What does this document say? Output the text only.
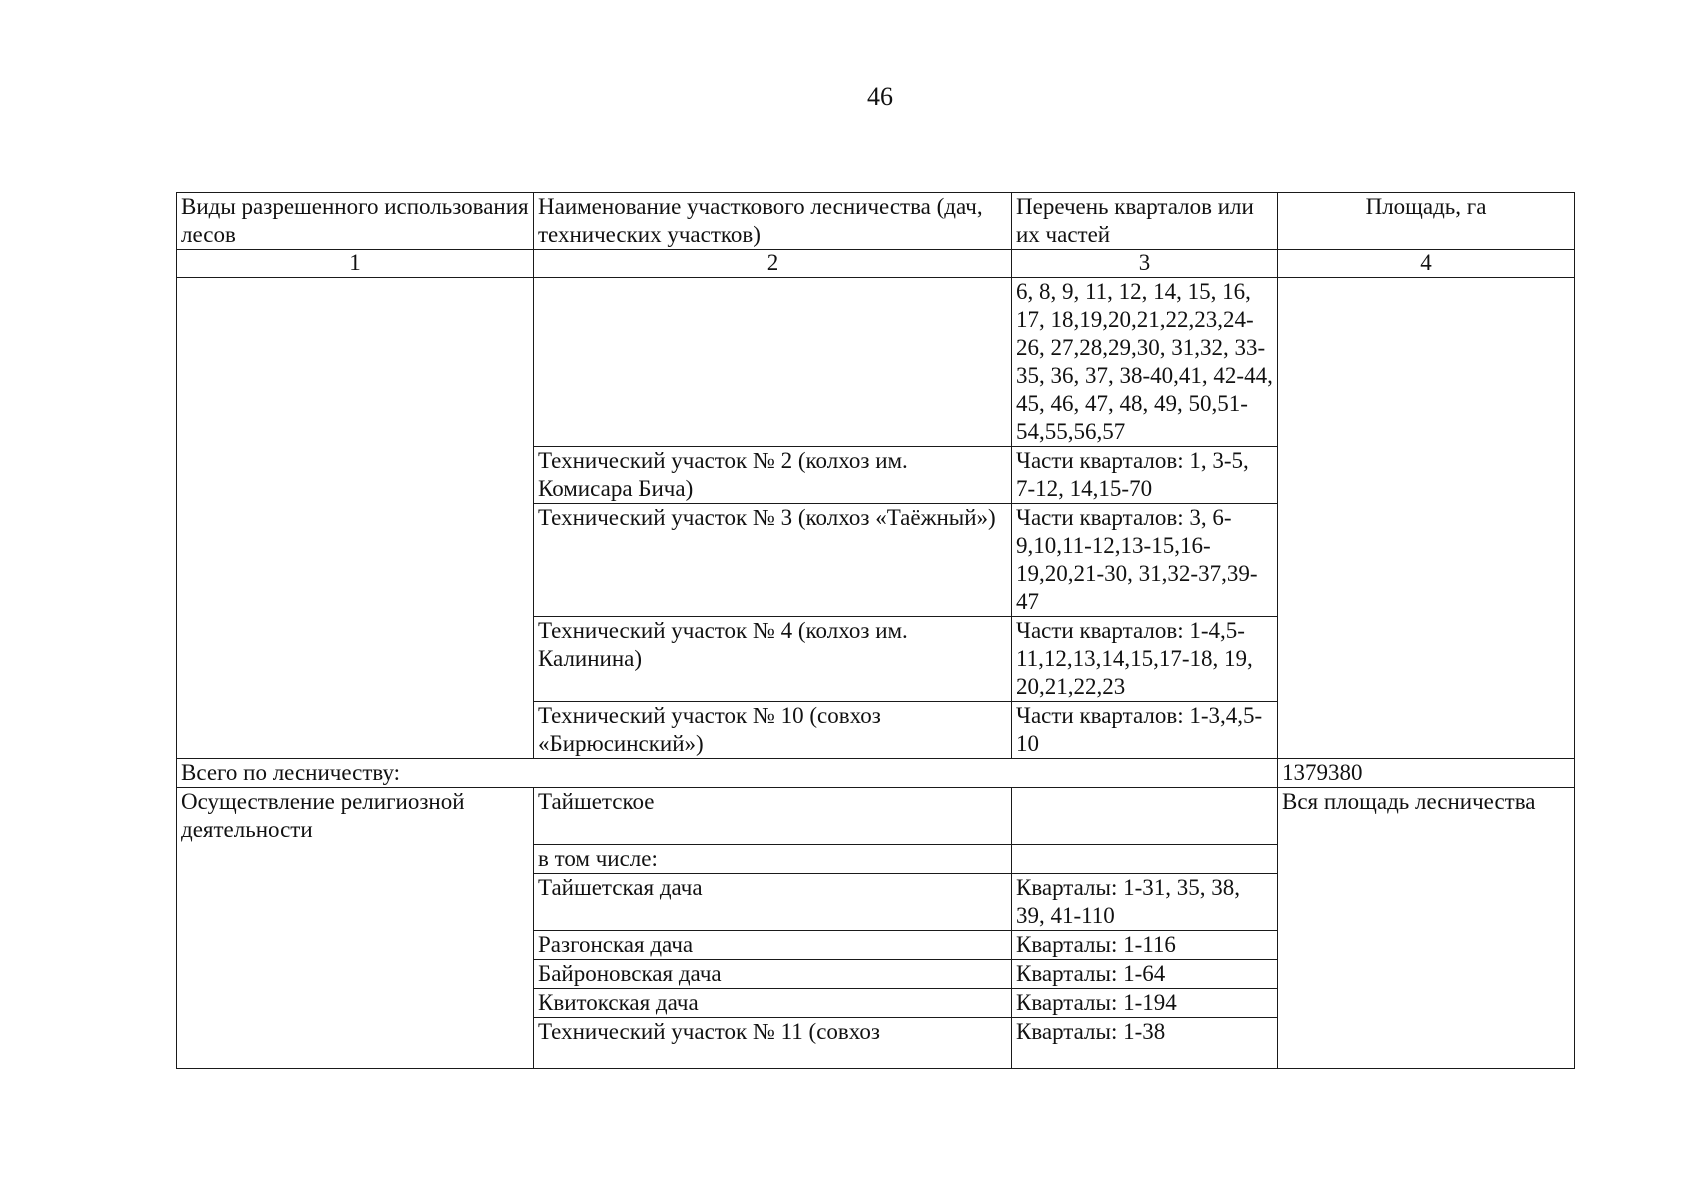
46
Виды разрешенного использования лесов	Наименование участкового лесничества (дач, технических участков)	Перечень кварталов или их частей	Площадь, га
1	2	3	4
		6, 8, 9, 11, 12, 14, 15, 16, 17, 18,19,20,21,22,23,24-26, 27,28,29,30, 31,32, 33-35, 36, 37, 38-40,41, 42-44, 45, 46, 47, 48, 49, 50,51-54,55,56,57	
	Технический участок № 2 (колхоз им. Комисара Бича)	Части кварталов: 1, 3-5, 7-12, 14,15-70	
	Технический участок № 3 (колхоз «Таёжный»)	Части кварталов: 3, 6-9,10,11-12,13-15,16-19,20,21-30, 31,32-37,39-47	
	Технический участок № 4 (колхоз им. Калинина)	Части кварталов: 1-4,5-11,12,13,14,15,17-18, 19, 20,21,22,23	
	Технический участок № 10 (совхоз «Бирюсинский»)	Части кварталов: 1-3,4,5-10	
Всего по лесничеству:			1379380
Осуществление религиозной деятельности	Тайшетское		Вся площадь лесничества
	в том числе:		
	Тайшетская дача	Кварталы: 1-31, 35, 38, 39, 41-110	
	Разгонская дача	Кварталы: 1-116	
	Байроновская дача	Кварталы: 1-64	
	Квитокская дача	Кварталы: 1-194	
	Технический участок № 11 (совхоз	Кварталы: 1-38	
